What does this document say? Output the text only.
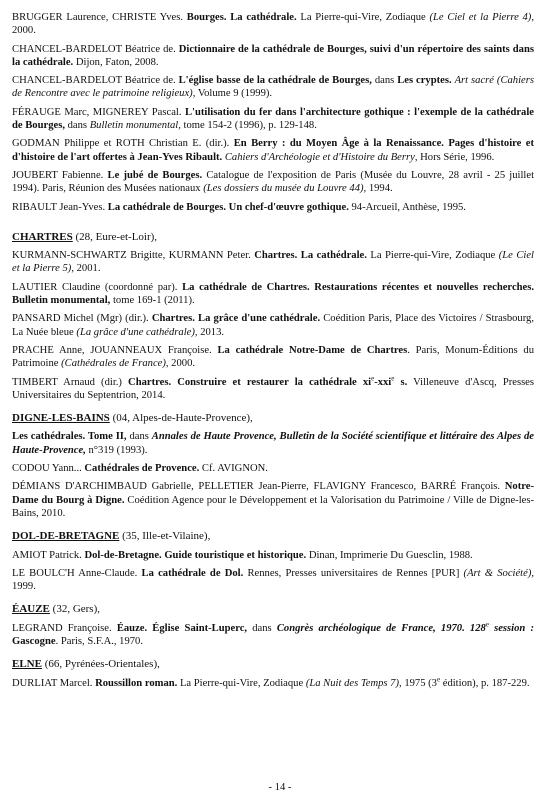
BRUGGER Laurence, CHRISTE Yves. Bourges. La cathédrale. La Pierre-qui-Vire, Zodiaque (Le Ciel et la Pierre 4), 2000.
CHANCEL-BARDELOT Béatrice de. Dictionnaire de la cathédrale de Bourges, suivi d'un répertoire des saints dans la cathédrale. Dijon, Faton, 2008.
CHANCEL-BARDELOT Béatrice de. L'église basse de la cathédrale de Bourges, dans Les cryptes. Art sacré (Cahiers de Rencontre avec le patrimoine religieux), Volume 9 (1999).
FÉRAUGE Marc, MIGNEREY Pascal. L'utilisation du fer dans l'architecture gothique : l'exemple de la cathédrale de Bourges, dans Bulletin monumental, tome 154-2 (1996), p. 129-148.
GODMAN Philippe et ROTH Christian E. (dir.). En Berry : du Moyen Âge à la Renaissance. Pages d'histoire et d'histoire de l'art offertes à Jean-Yves Ribault. Cahiers d'Archéologie et d'Histoire du Berry, Hors Série, 1996.
JOUBERT Fabienne. Le jubé de Bourges. Catalogue de l'exposition de Paris (Musée du Louvre, 28 avril - 25 juillet 1994). Paris, Réunion des Musées nationaux (Les dossiers du musée du Louvre 44), 1994.
RIBAULT Jean-Yves. La cathédrale de Bourges. Un chef-d'œuvre gothique. 94-Arcueil, Anthèse, 1995.
CHARTRES (28, Eure-et-Loir),
KURMANN-SCHWARTZ Brigitte, KURMANN Peter. Chartres. La cathédrale. La Pierre-qui-Vire, Zodiaque (Le Ciel et la Pierre 5), 2001.
LAUTIER Claudine (coordonné par). La cathédrale de Chartres. Restaurations récentes et nouvelles recherches. Bulletin monumental, tome 169-1 (2011).
PANSARD Michel (Mgr) (dir.). Chartres. La grâce d'une cathédrale. Coédition Paris, Place des Victoires / Strasbourg, La Nuée bleue (La grâce d'une cathédrale), 2013.
PRACHE Anne, JOUANNEAUX Françoise. La cathédrale Notre-Dame de Chartres. Paris, Monum-Éditions du Patrimoine (Cathédrales de France), 2000.
TIMBERT Arnaud (dir.) Chartres. Construire et restaurer la cathédrale $xi^e-xxi^e$ s. Villeneuve d'Ascq, Presses Universitaires du Septentrion, 2014.
DIGNE-LES-BAINS (04, Alpes-de-Haute-Provence),
Les cathédrales. Tome II, dans Annales de Haute Provence, Bulletin de la Société scientifique et littéraire des Alpes de Haute-Provence, n°319 (1993).
CODOU Yann... Cathédrales de Provence. Cf. AVIGNON.
DÉMIANS D'ARCHIMBAUD Gabrielle, PELLETIER Jean-Pierre, FLAVIGNY Francesco, BARRÉ François. Notre-Dame du Bourg à Digne. Coédition Agence pour le Développement et la Valorisation du Patrimoine / Ville de Digne-les-Bains, 2010.
DOL-DE-BRETAGNE (35, Ille-et-Vilaine),
AMIOT Patrick. Dol-de-Bretagne. Guide touristique et historique. Dinan, Imprimerie Du Guesclin, 1988.
LE BOULC'H Anne-Claude. La cathédrale de Dol. Rennes, Presses universitaires de Rennes [PUR] (Art & Société), 1999.
ÉAUZE (32, Gers),
LEGRAND Françoise. Éauze. Église Saint-Luperc, dans Congrès archéologique de France, 1970. 128e session : Gascogne. Paris, S.F.A., 1970.
ELNE (66, Pyrénées-Orientales),
DURLIAT Marcel. Roussillon roman. La Pierre-qui-Vire, Zodiaque (La Nuit des Temps 7), 1975 (3e édition), p. 187-229.
- 14 -
